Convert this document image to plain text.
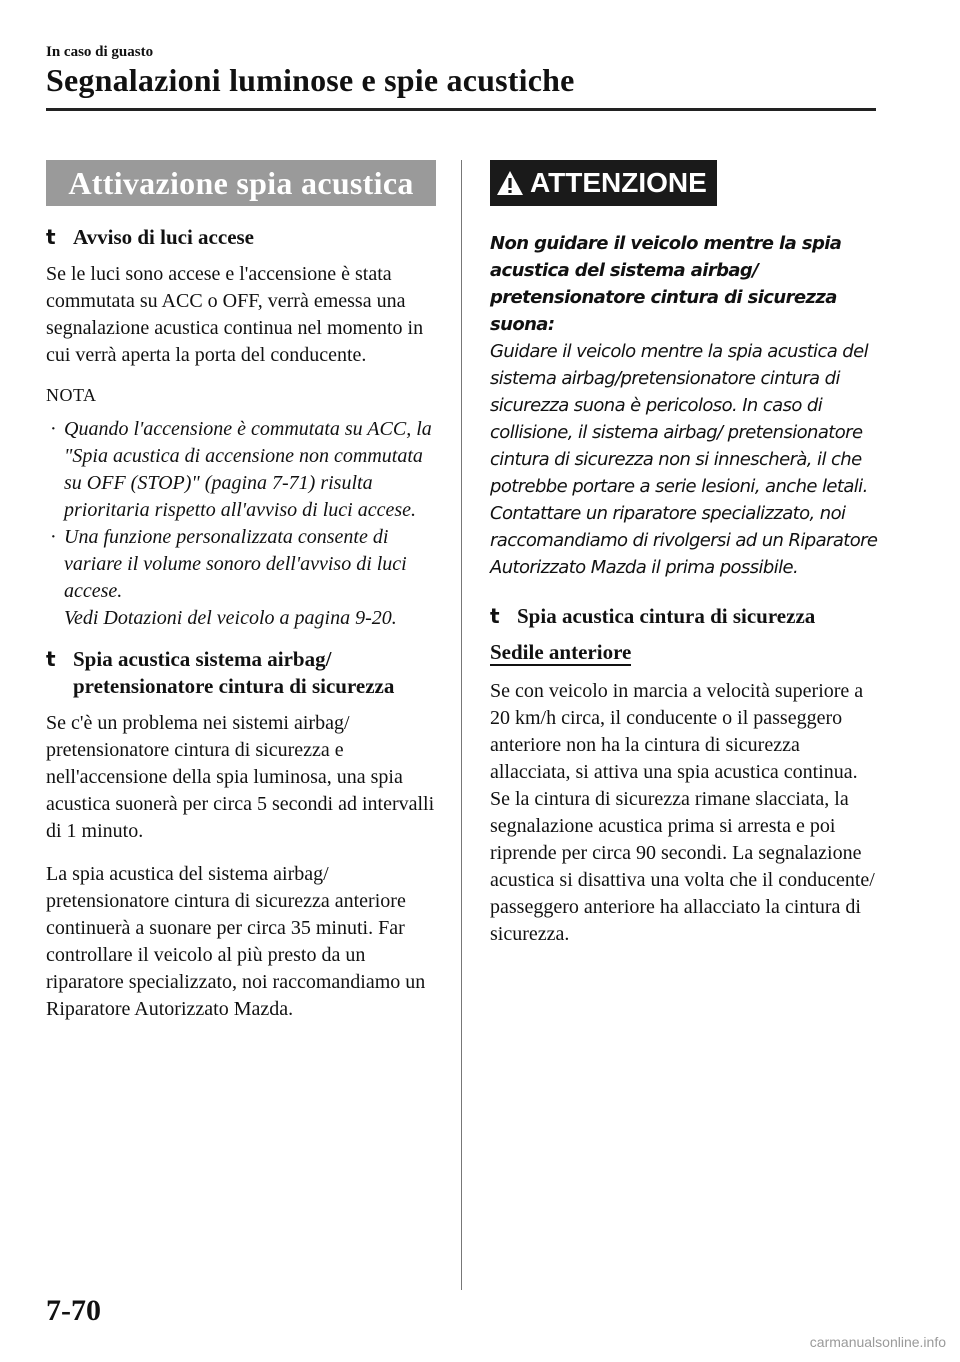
In caso di guasto
Segnalazioni luminose e spie acustiche
Attivazione spia acustica
t Avviso di luci accese

Se le luci sono accese e l'accensione è stata commutata su ACC o OFF, verrà emessa una segnalazione acustica continua nel momento in cui verrà aperta la porta del conducente.

NOTA
· Quando l'accensione è commutata su ACC, la "Spia acustica di accensione non commutata su OFF (STOP)" (pagina 7-71) risulta prioritaria rispetto all'avviso di luci accese.
· Una funzione personalizzata consente di variare il volume sonoro dell'avviso di luci accese.
Vedi Dotazioni del veicolo a pagina 9-20.
t Spia acustica sistema airbag/ pretensionatore cintura di sicurezza

Se c'è un problema nei sistemi airbag/ pretensionatore cintura di sicurezza e nell'accensione della spia luminosa, una spia acustica suonerà per circa 5 secondi ad intervalli di 1 minuto.

La spia acustica del sistema airbag/ pretensionatore cintura di sicurezza anteriore continuerà a suonare per circa 35 minuti. Far controllare il veicolo al più presto da un riparatore specializzato, noi raccomandiamo un Riparatore Autorizzato Mazda.

ATTENZIONE

Non guidare il veicolo mentre la spia acustica del sistema airbag/ pretensionatore cintura di sicurezza suona:
Guidare il veicolo mentre la spia acustica del sistema airbag/pretensionatore cintura di sicurezza suona è pericoloso. In caso di collisione, il sistema airbag/ pretensionatore cintura di sicurezza non si innescherà, il che potrebbe portare a serie lesioni, anche letali. Contattare un riparatore specializzato, noi raccomandiamo di rivolgersi ad un Riparatore Autorizzato Mazda il prima possibile.

t Spia acustica cintura di sicurezza
Sedile anteriore

Se con veicolo in marcia a velocità superiore a 20 km/h circa, il conducente o il passeggero anteriore non ha la cintura di sicurezza allacciata, si attiva una spia acustica continua. Se la cintura di sicurezza rimane slacciata, la segnalazione acustica prima si arresta e poi riprende per circa 90 secondi. La segnalazione acustica si disattiva una volta che il conducente/ passeggero anteriore ha allacciato la cintura di sicurezza.

7-70
carmanualsonline.info
